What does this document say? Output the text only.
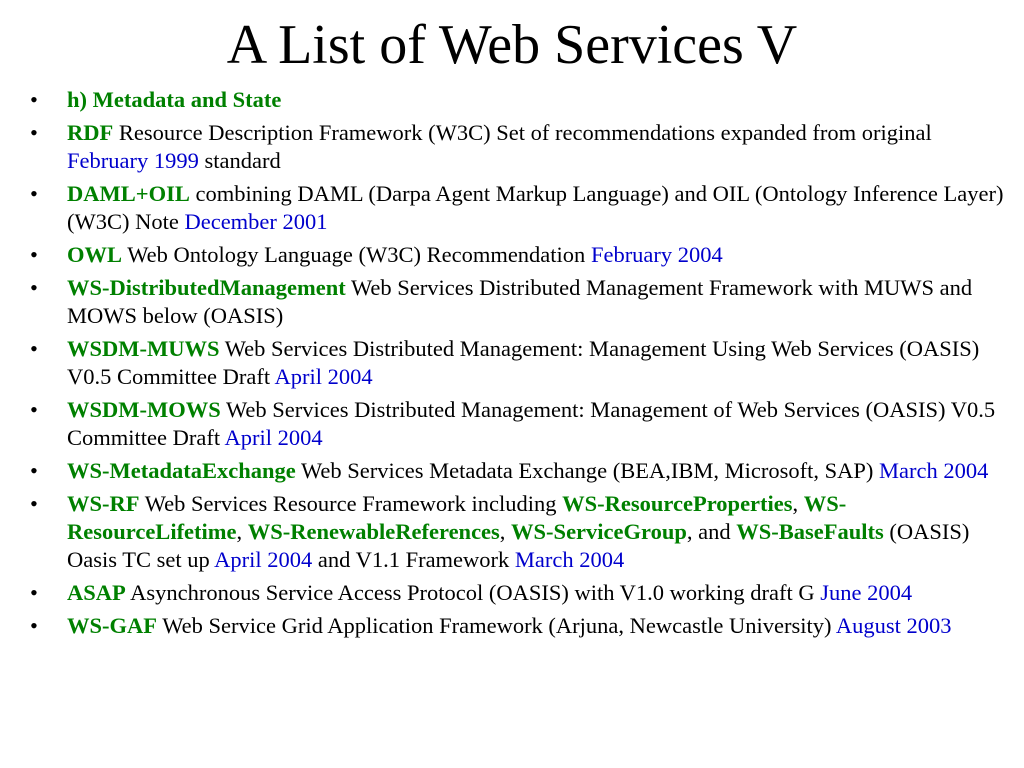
A List of Web Services V
•	h) Metadata and State
•	RDF Resource Description Framework (W3C) Set of recommendations expanded from original February 1999 standard
•	DAML+OIL combining DAML (Darpa Agent Markup Language) and OIL (Ontology Inference Layer) (W3C) Note December 2001
•	OWL Web Ontology Language (W3C) Recommendation February 2004
•	WS-DistributedManagement Web Services Distributed Management Framework with MUWS and MOWS below (OASIS)
•	WSDM-MUWS Web Services Distributed Management: Management Using Web Services (OASIS) V0.5 Committee Draft April 2004
•	WSDM-MOWS Web Services Distributed Management: Management of Web Services (OASIS) V0.5 Committee Draft April 2004
•	WS-MetadataExchange Web Services Metadata Exchange (BEA,IBM, Microsoft, SAP) March 2004
•	WS-RF Web Services Resource Framework including WS-ResourceProperties, WS-ResourceLifetime, WS-RenewableReferences, WS-ServiceGroup, and WS-BaseFaults (OASIS) Oasis TC set up April 2004 and V1.1 Framework March 2004
•	ASAP Asynchronous Service Access Protocol (OASIS) with V1.0 working draft G June 2004
•	WS-GAF Web Service Grid Application Framework (Arjuna, Newcastle University) August 2003
